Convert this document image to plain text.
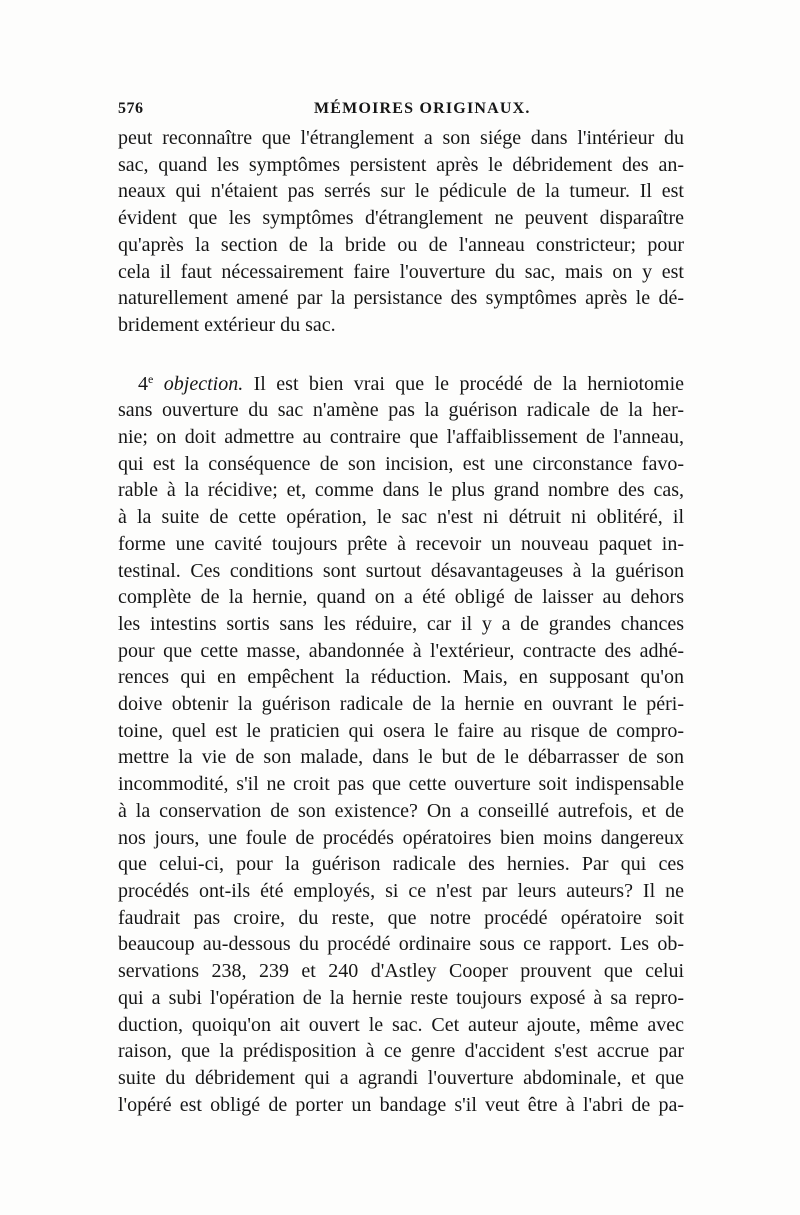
576	MÉMOIRES ORIGINAUX.

peut reconnaître que l'étranglement a son siége dans l'intérieur du
sac, quand les symptômes persistent après le débridement des an-
neaux qui n'étaient pas serrés sur le pédicule de la tumeur. Il est
évident que les symptômes d'étranglement ne peuvent disparaître
qu'après la section de la bride ou de l'anneau constricteur; pour
cela il faut nécessairement faire l'ouverture du sac, mais on y est
naturellement amené par la persistance des symptômes après le dé-
bridement extérieur du sac.

4e objection. Il est bien vrai que le procédé de la herniotomie
sans ouverture du sac n'amène pas la guérison radicale de la her-
nie; on doit admettre au contraire que l'affaiblissement de l'anneau,
qui est la conséquence de son incision, est une circonstance favo-
rable à la récidive; et, comme dans le plus grand nombre des cas,
à la suite de cette opération, le sac n'est ni détruit ni oblitéré, il
forme une cavité toujours prête à recevoir un nouveau paquet in-
testinal. Ces conditions sont surtout désavantageuses à la guérison
complète de la hernie, quand on a été obligé de laisser au dehors
les intestins sortis sans les réduire, car il y a de grandes chances
pour que cette masse, abandonnée à l'extérieur, contracte des adhé-
rences qui en empêchent la réduction. Mais, en supposant qu'on
doive obtenir la guérison radicale de la hernie en ouvrant le péri-
toine, quel est le praticien qui osera le faire au risque de compro-
mettre la vie de son malade, dans le but de le débarrasser de son
incommodité, s'il ne croit pas que cette ouverture soit indispensable
à la conservation de son existence? On a conseillé autrefois, et de
nos jours, une foule de procédés opératoires bien moins dangereux
que celui-ci, pour la guérison radicale des hernies. Par qui ces
procédés ont-ils été employés, si ce n'est par leurs auteurs? Il ne
faudrait pas croire, du reste, que notre procédé opératoire soit
beaucoup au-dessous du procédé ordinaire sous ce rapport. Les ob-
servations 238, 239 et 240 d'Astley Cooper prouvent que celui
qui a subi l'opération de la hernie reste toujours exposé à sa repro-
duction, quoiqu'on ait ouvert le sac. Cet auteur ajoute, même avec
raison, que la prédisposition à ce genre d'accident s'est accrue par
suite du débridement qui a agrandi l'ouverture abdominale, et que
l'opéré est obligé de porter un bandage s'il veut être à l'abri de pa-
